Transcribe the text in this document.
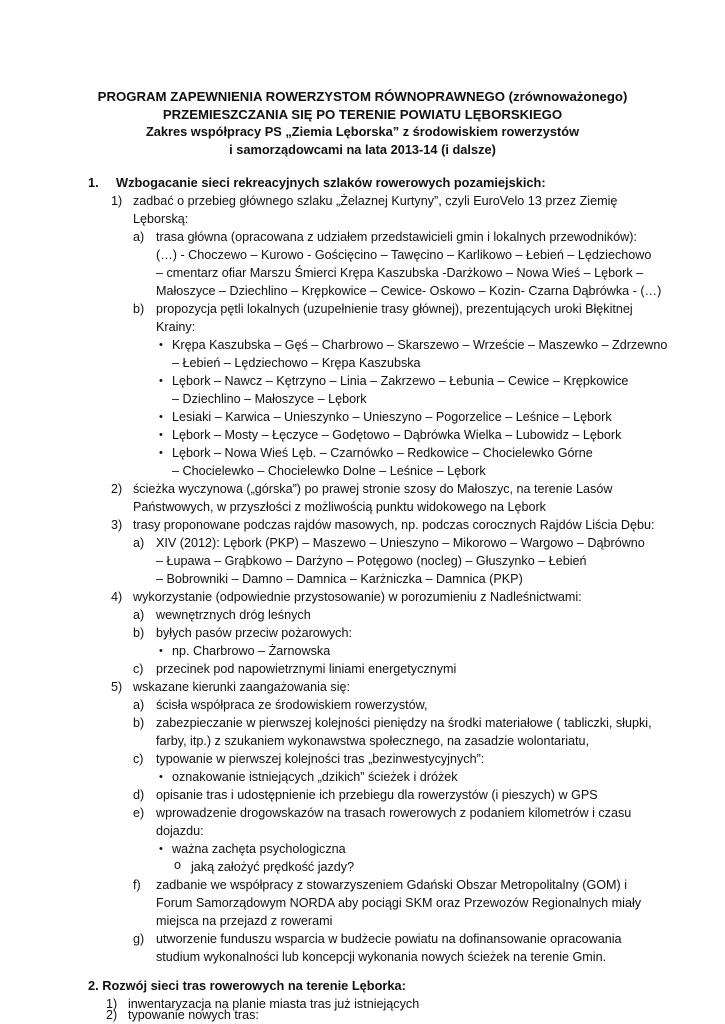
PROGRAM ZAPEWNIENIA ROWERZYSTOM RÓWNOPRAWNEGO (zrównoważonego)
PRZEMIESZCZANIA SIĘ PO TERENIE POWIATU LĘBORSKIEGO
Zakres współpracy PS „Ziemia Lęborska” z środowiskiem rowerzystów
i samorządowcami na lata 2013-14 (i dalsze)
1. Wzbogacanie sieci rekreacyjnych szlaków rowerowych pozamiejskich:
1) zadbać o przebieg głównego szlaku „Żelaznej Kurtyny”, czyli EuroVelo 13 przez Ziemię
Lęborską:
a) trasa główna (opracowana z udziałem przedstawicieli gmin i lokalnych przewodników):
(…) - Choczewo – Kurowo - Gościęcino – Tawęcino – Karlikowo – Łebień – Lędziechowo
– cmentarz ofiar Marszu Śmierci Krępa Kaszubska -Darżkowo – Nowa Wieś – Lębork –
Małoszyce – Dziechlino – Krępkowice – Cewice- Oskowo – Kozin- Czarna Dąbrówka - (…)
b) propozycja pętli lokalnych (uzupełnienie trasy głównej), prezentujących uroki Błękitnej
Krainy:
• Krępa Kaszubska – Gęś – Charbrowo – Skarszewo – Wrzeście – Maszewko – Zdrzewno
– Łebień – Lędziechowo – Krępa Kaszubska
• Lębork – Nawcz – Kętrzyno – Linia – Zakrzewo – Łebunia – Cewice – Krępkowice
– Dziechlino – Małoszyce – Lębork
• Lesiaki – Karwica – Unieszynko – Unieszyno – Pogorzelice – Leśnice – Lębork
• Lębork – Mosty – Łęczyce – Godętowo – Dąbrówka Wielka – Lubowidz – Lębork
• Lębork – Nowa Wieś Lęb. – Czarnówko – Redkowice – Chocielewko Górne
– Chocielewko – Chocielewko Dolne – Leśnice – Lębork
2) ścieżka wyczynowa („górska”) po prawej stronie szosy do Małoszyc, na terenie Lasów
Państwowych, w przyszłości z możliwością punktu widokowego na Lębork
3) trasy proponowane podczas rajdów masowych, np. podczas corocznych Rajdów Liścia Dębu:
a) XIV (2012): Lębork (PKP) – Maszewo – Unieszyno – Mikorowo – Wargowo – Dąbrówno
– Łupawa – Grąbkowo – Darżyno – Potęgowo (nocleg) – Głuszynko – Łebień
– Bobrowniki – Damno – Damnica – Karżniczka – Damnica (PKP)
4) wykorzystanie (odpowiednie przystosowanie) w porozumieniu z Nadleśnictwami:
a) wewnętrznych dróg leśnych
b) byłych pasów przeciw pożarowych:
• np. Charbrowo – Żarnowska
c) przecinek pod napowietrznymi liniami energetycznymi
5) wskazane kierunki zaangażowania się:
a) ścisła współpraca ze środowiskiem rowerzystów,
b) zabezpieczanie w pierwszej kolejności pieniędzy na środki materiałowe ( tabliczki, słupki,
farby, itp.) z szukaniem wykonawstwa społecznego, na zasadzie wolontariatu,
c) typowanie w pierwszej kolejności tras „bezinwestycyjnych”:
• oznakowanie istniejących „dzikich” ścieżek i dróżek
d) opisanie tras i udostępnienie ich przebiegu dla rowerzystów (i pieszych) w GPS
e) wprowadzenie drogowskazów na trasach rowerowych z podaniem kilometrów i czasu
dojazdu:
• ważna zachęta psychologiczna
o jaką założyć prędkość jazdy?
f) zadbanie we współpracy z stowarzyszeniem Gdański Obszar Metropolitalny (GOM) i
Forum Samorządowym NORDA aby pociągi SKM oraz Przewozów Regionalnych miały
miejsca na przejazd z rowerami
g) utworzenie funduszu wsparcia w budżecie powiatu na dofinansowanie opracowania
studium wykonalności lub koncepcji wykonania nowych ścieżek na terenie Gmin.
2. Rozwój sieci tras rowerowych na terenie Lęborka:
1) inwentaryzacja na planie miasta tras już istniejących
2) typowanie nowych tras:
